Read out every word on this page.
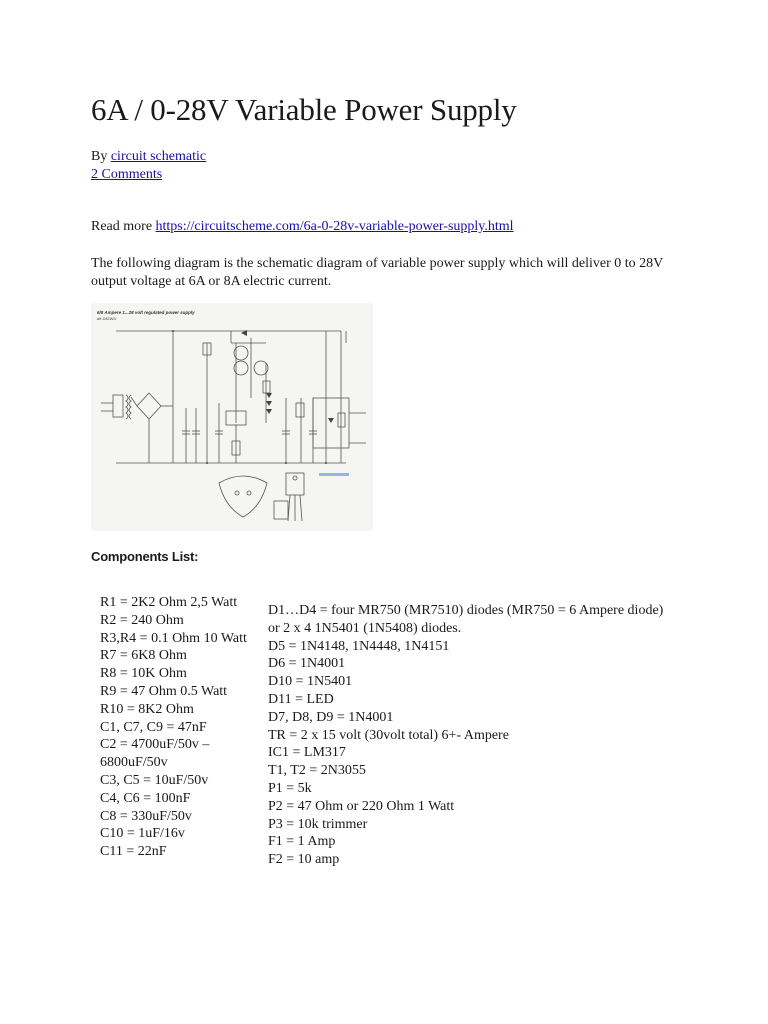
6A / 0-28V Variable Power Supply
By circuit schematic
2 Comments
Read more https://circuitscheme.com/6a-0-28v-variable-power-supply.html
The following diagram is the schematic diagram of variable power supply which will deliver 0 to 28V output voltage at 6A or 8A electric current.
6/8 Ampere 1...28 volt regulated power supply
de DIGWU
Components List:
R1 = 2K2 Ohm 2,5 Watt
R2 = 240 Ohm
R3,R4 = 0.1 Ohm 10 Watt
R7 = 6K8 Ohm
R8 = 10K Ohm
R9 = 47 Ohm 0.5 Watt
R10 = 8K2 Ohm
C1, C7, C9 = 47nF
C2 = 4700uF/50v – 6800uF/50v
C3, C5 = 10uF/50v
C4, C6 = 100nF
C8 = 330uF/50v
C10 = 1uF/16v
C11 = 22nF
D1…D4 = four MR750 (MR7510) diodes (MR750 = 6 Ampere diode) or 2 x 4 1N5401 (1N5408) diodes.
D5 = 1N4148, 1N4448, 1N4151
D6 = 1N4001
D10 = 1N5401
D11 = LED
D7, D8, D9 = 1N4001
TR = 2 x 15 volt (30volt total) 6+- Ampere
IC1 = LM317
T1, T2 = 2N3055
P1 = 5k
P2 = 47 Ohm or 220 Ohm 1 Watt
P3 = 10k trimmer
F1 = 1 Amp
F2 = 10 amp
